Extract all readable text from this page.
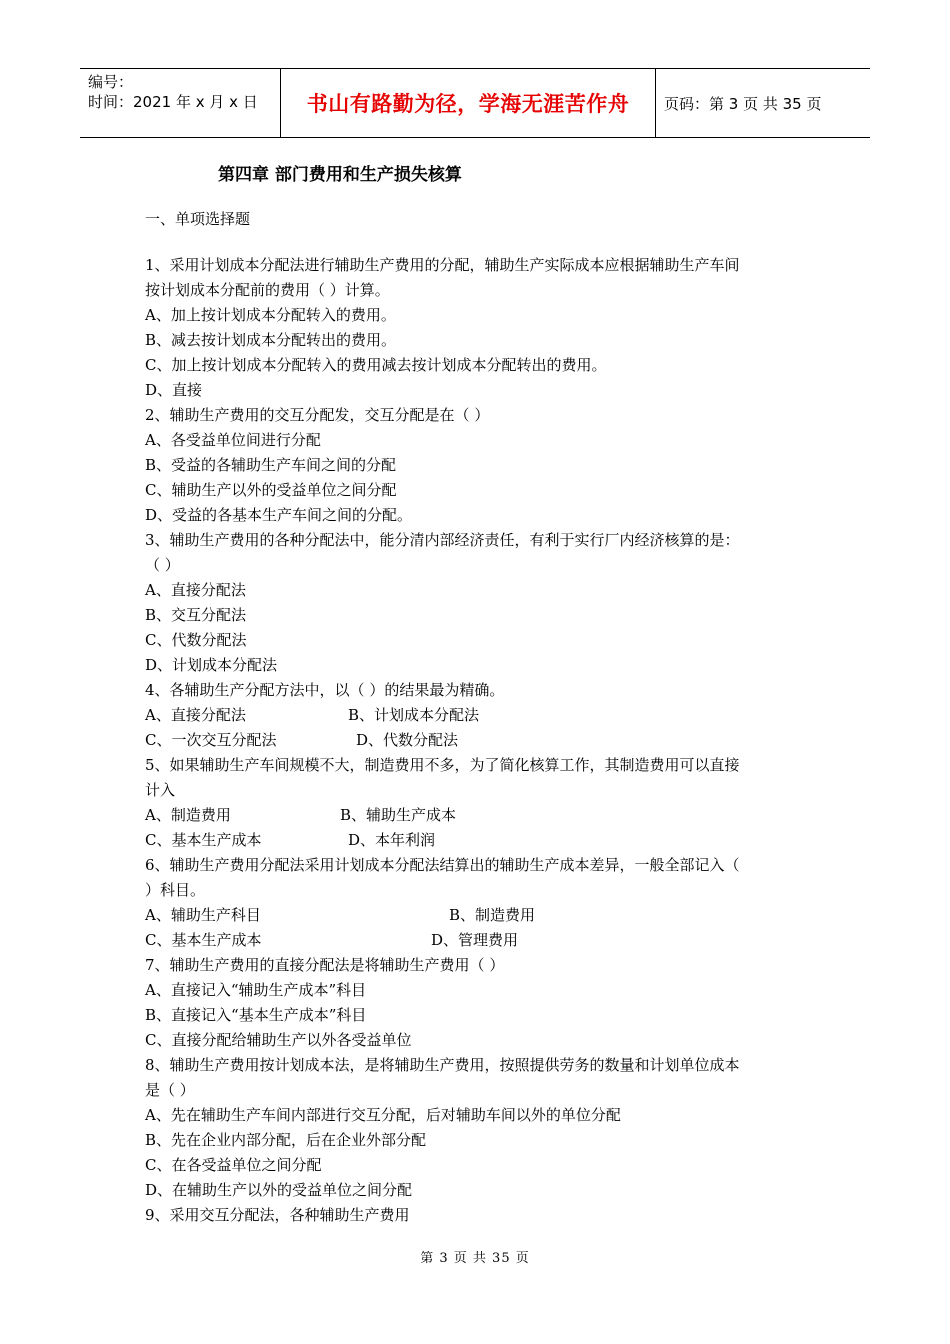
编号：
时间：2021 年 x 月 x 日	书山有路勤为径，学海无涯苦作舟	页码：第 3 页 共 35 页
第四章 部门费用和生产损失核算
一、单项选择题
1、采用计划成本分配法进行辅助生产费用的分配，辅助生产实际成本应根据辅助生产车间
按计划成本分配前的费用（ ）计算。
A、加上按计划成本分配转入的费用。
B、减去按计划成本分配转出的费用。
C、加上按计划成本分配转入的费用减去按计划成本分配转出的费用。
D、直接
2、辅助生产费用的交互分配发，交互分配是在（ ）
A、各受益单位间进行分配
B、受益的各辅助生产车间之间的分配
C、辅助生产以外的受益单位之间分配
D、受益的各基本生产车间之间的分配。
3、辅助生产费用的各种分配法中，能分清内部经济责任，有利于实行厂内经济核算的是：
（ ）
A、直接分配法
B、交互分配法
C、代数分配法
D、计划成本分配法
4、各辅助生产分配方法中，以（ ）的结果最为精确。
A、直接分配法	B、计划成本分配法
C、一次交互分配法	D、代数分配法
5、如果辅助生产车间规模不大，制造费用不多，为了简化核算工作，其制造费用可以直接
计入
A、制造费用	B、辅助生产成本
C、基本生产成本	D、本年利润
6、辅助生产费用分配法采用计划成本分配法结算出的辅助生产成本差异，一般全部记入（
）科目。
A、辅助生产科目	B、制造费用
C、基本生产成本	D、管理费用
7、辅助生产费用的直接分配法是将辅助生产费用（ ）
A、直接记入“辅助生产成本”科目
B、直接记入“基本生产成本”科目
C、直接分配给辅助生产以外各受益单位
8、辅助生产费用按计划成本法，是将辅助生产费用，按照提供劳务的数量和计划单位成本
是（ ）
A、先在辅助生产车间内部进行交互分配，后对辅助车间以外的单位分配
B、先在企业内部分配，后在企业外部分配
C、在各受益单位之间分配
D、在辅助生产以外的受益单位之间分配
9、采用交互分配法，各种辅助生产费用
第 3 页 共 35 页
